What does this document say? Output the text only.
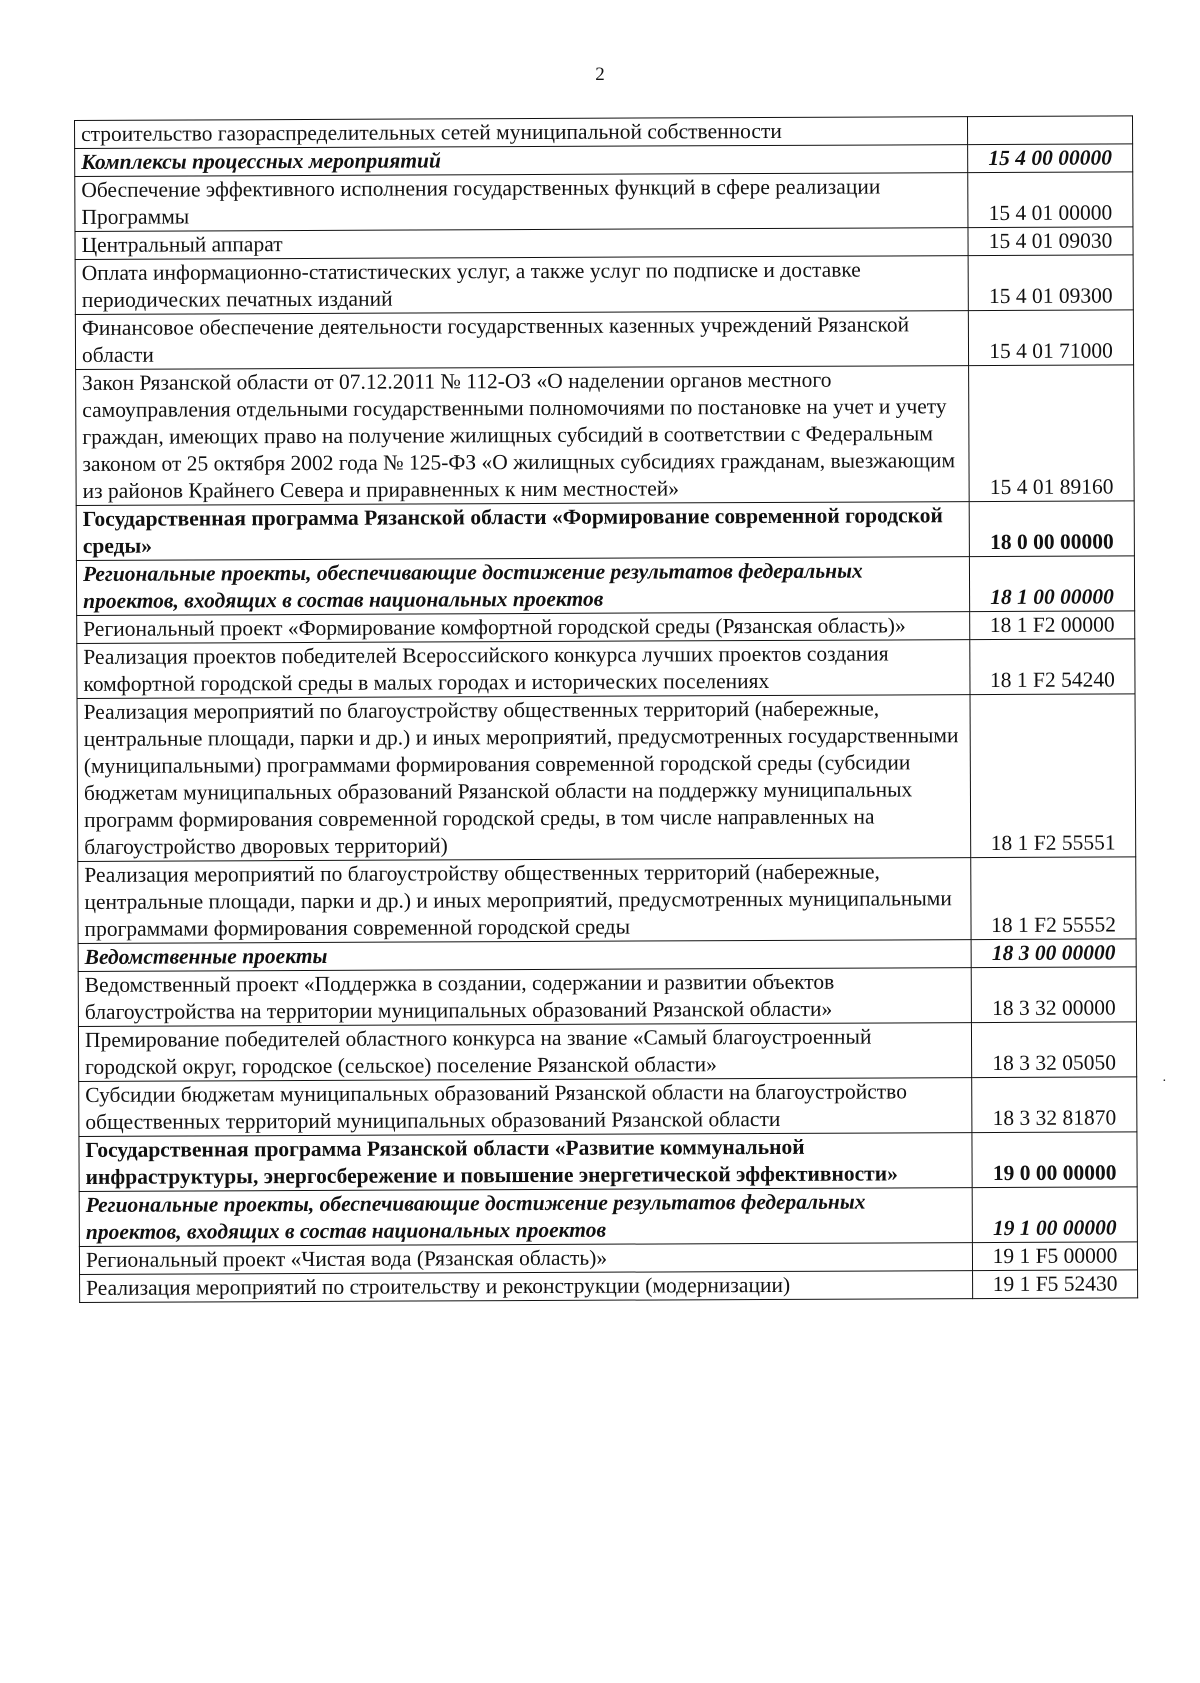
2
строительство газораспределительных сетей муниципальной собственности	
Комплексы процессных мероприятий	15 4 00 00000
Обеспечение эффективного исполнения государственных функций в сфере реализации Программы	15 4 01 00000
Центральный аппарат	15 4 01 09030
Оплата информационно-статистических услуг, а также услуг по подписке и доставке периодических печатных изданий	15 4 01 09300
Финансовое обеспечение деятельности государственных казенных учреждений Рязанской области	15 4 01 71000
Закон Рязанской области от 07.12.2011 № 112-ОЗ «О наделении органов местного самоуправления отдельными государственными полномочиями по постановке на учет и учету граждан, имеющих право на получение жилищных субсидий в соответствии с Федеральным законом от 25 октября 2002 года № 125-ФЗ «О жилищных субсидиях гражданам, выезжающим из районов Крайнего Севера и приравненных к ним местностей»	15 4 01 89160
Государственная программа Рязанской области «Формирование современной городской среды»	18 0 00 00000
Региональные проекты, обеспечивающие достижение результатов федеральных проектов, входящих в состав национальных проектов	18 1 00 00000
Региональный проект «Формирование комфортной городской среды (Рязанская область)»	18 1 F2 00000
Реализация проектов победителей Всероссийского конкурса лучших проектов создания комфортной городской среды в малых городах и исторических поселениях	18 1 F2 54240
Реализация мероприятий по благоустройству общественных территорий (набережные, центральные площади, парки и др.) и иных мероприятий, предусмотренных государственными (муниципальными) программами формирования современной городской среды (субсидии бюджетам муниципальных образований Рязанской области на поддержку муниципальных программ формирования современной городской среды, в том числе направленных на благоустройство дворовых территорий)	18 1 F2 55551
Реализация мероприятий по благоустройству общественных территорий (набережные, центральные площади, парки и др.) и иных мероприятий, предусмотренных муниципальными программами формирования современной городской среды	18 1 F2 55552
Ведомственные проекты	18 3 00 00000
Ведомственный проект «Поддержка в создании, содержании и развитии объектов благоустройства на территории муниципальных образований Рязанской области»	18 3 32 00000
Премирование победителей областного конкурса на звание «Самый благоустроенный городской округ, городское (сельское) поселение Рязанской области»	18 3 32 05050
Субсидии бюджетам муниципальных образований Рязанской области на благоустройство общественных территорий муниципальных образований Рязанской области	18 3 32 81870
Государственная программа Рязанской области «Развитие коммунальной инфраструктуры, энергосбережение и повышение энергетической эффективности»	19 0 00 00000
Региональные проекты, обеспечивающие достижение результатов федеральных проектов, входящих в состав национальных проектов	19 1 00 00000
Региональный проект «Чистая вода (Рязанская область)»	19 1 F5 00000
Реализация мероприятий по строительству и реконструкции (модернизации)	19 1 F5 52430
·
